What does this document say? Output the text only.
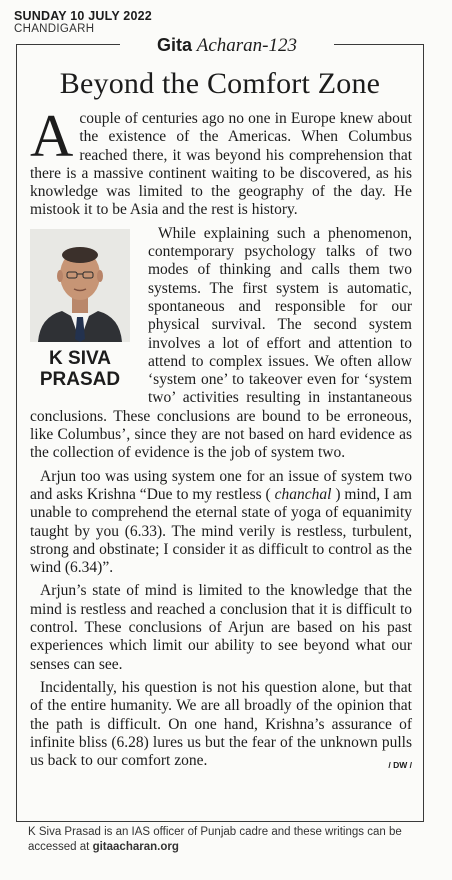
SUNDAY 10 JULY 2022
CHANDIGARH
Gita Acharan-123
Beyond the Comfort Zone

A couple of centuries ago no one in Europe knew about the existence of the Americas. When Columbus reached there, it was beyond his comprehension that there is a massive continent waiting to be discovered, as his knowledge was limited to the geography of the day. He mistook it to be Asia and the rest is history.

K SIVA
PRASAD

While explaining such a phenomenon, contemporary psychology talks of two modes of thinking and calls them two systems. The first system is automatic, spontaneous and responsible for our physical survival. The second system involves a lot of effort and attention to attend to complex issues. We often allow ‘system one’ to takeover even for ‘system two’ activities resulting in instantaneous conclusions. These conclusions are bound to be erroneous, like Columbus’, since they are not based on hard evidence as the collection of evidence is the job of system two.

Arjun too was using system one for an issue of system two and asks Krishna “Due to my restless ( chanchal ) mind, I am unable to comprehend the eternal state of yoga of equanimity taught by you (6.33). The mind verily is restless, turbulent, strong and obstinate; I consider it as difficult to control as the wind (6.34)”.

Arjun’s state of mind is limited to the knowledge that the mind is restless and reached a conclusion that it is difficult to control. These conclusions of Arjun are based on his past experiences which limit our ability to see beyond what our senses can see.

Incidentally, his question is not his question alone, but that of the entire humanity. We are all broadly of the opinion that the path is difficult. On one hand, Krishna’s assurance of infinite bliss (6.28) lures us but the fear of the unknown pulls us back to our comfort zone.	/ DW /

K Siva Prasad is an IAS officer of Punjab cadre and these writings can be accessed at gitaacharan.org
